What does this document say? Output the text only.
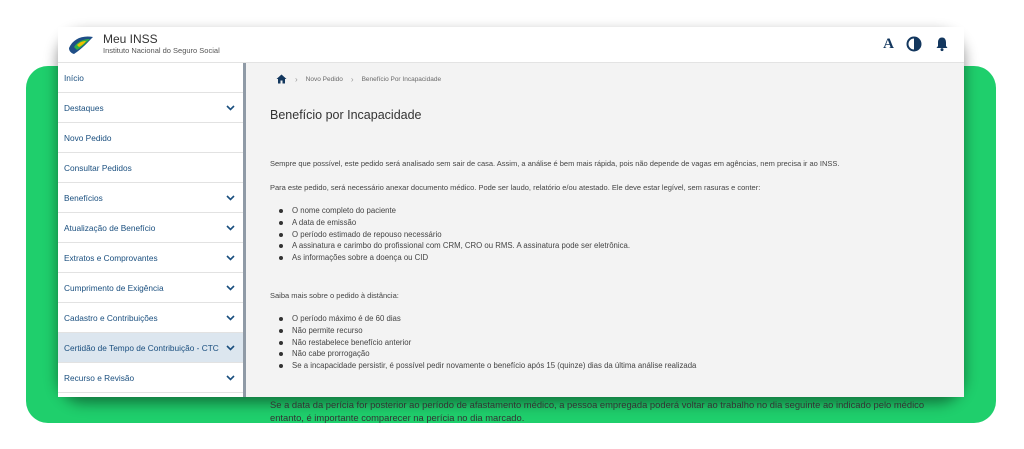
Meu INSS
Instituto Nacional do Seguro Social	A
Início
Destaques
Novo Pedido
Consultar Pedidos
Benefícios
Atualização de Benefício
Extratos e Comprovantes
Cumprimento de Exigência
Cadastro e Contribuições
Certidão de Tempo de Contribuição - CTC
Recurso e Revisão
› Novo Pedido › Benefício Por Incapacidade
Benefício por Incapacidade
Sempre que possível, este pedido será analisado sem sair de casa. Assim, a análise é bem mais rápida, pois não depende de vagas em agências, nem precisa ir ao INSS.
Para este pedido, será necessário anexar documento médico. Pode ser laudo, relatório e/ou atestado. Ele deve estar legível, sem rasuras e conter:
O nome completo do paciente
A data de emissão
O período estimado de repouso necessário
A assinatura e carimbo do profissional com CRM, CRO ou RMS. A assinatura pode ser eletrônica.
As informações sobre a doença ou CID
Saiba mais sobre o pedido à distância:
O período máximo é de 60 dias
Não permite recurso
Não restabelece benefício anterior
Não cabe prorrogação
Se a incapacidade persistir, é possível pedir novamente o benefício após 15 (quinze) dias da última análise realizada
Se a data da perícia for posterior ao período de afastamento médico, a pessoa empregada poderá voltar ao trabalho no dia seguinte ao indicado pelo médico
entanto, é importante comparecer na perícia no dia marcado.
